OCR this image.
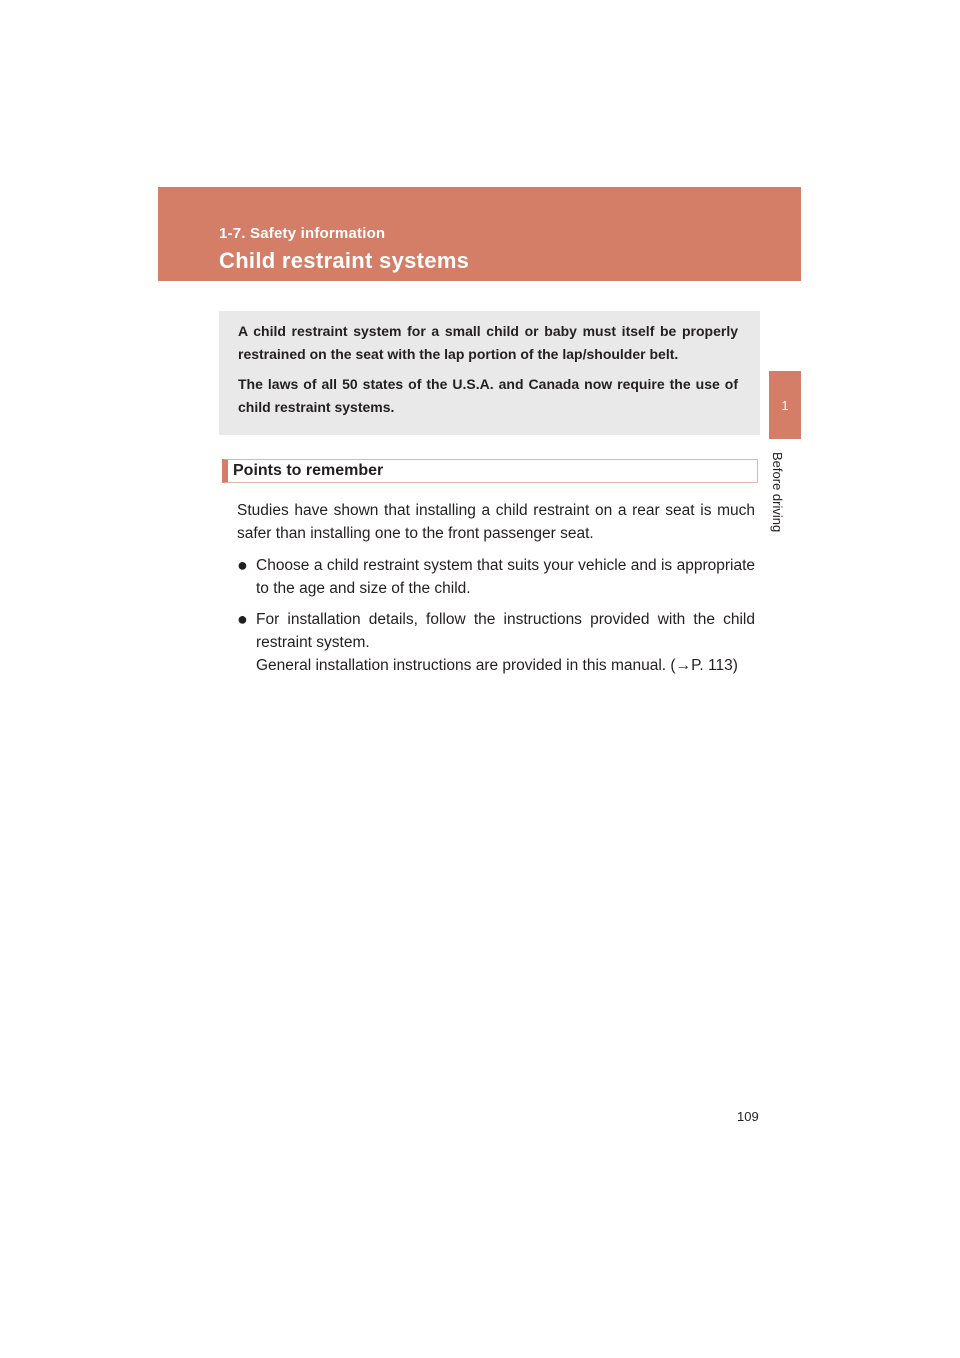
1-7. Safety information
Child restraint systems
1
Before driving

A child restraint system for a small child or baby must itself be properly restrained on the seat with the lap portion of the lap/shoulder belt.

The laws of all 50 states of the U.S.A. and Canada now require the use of child restraint systems.

Points to remember

Studies have shown that installing a child restraint on a rear seat is much safer than installing one to the front passenger seat.

● Choose a child restraint system that suits your vehicle and is appropriate to the age and size of the child.
● For installation details, follow the instructions provided with the child restraint system.
General installation instructions are provided in this manual. (→P. 113)
109
